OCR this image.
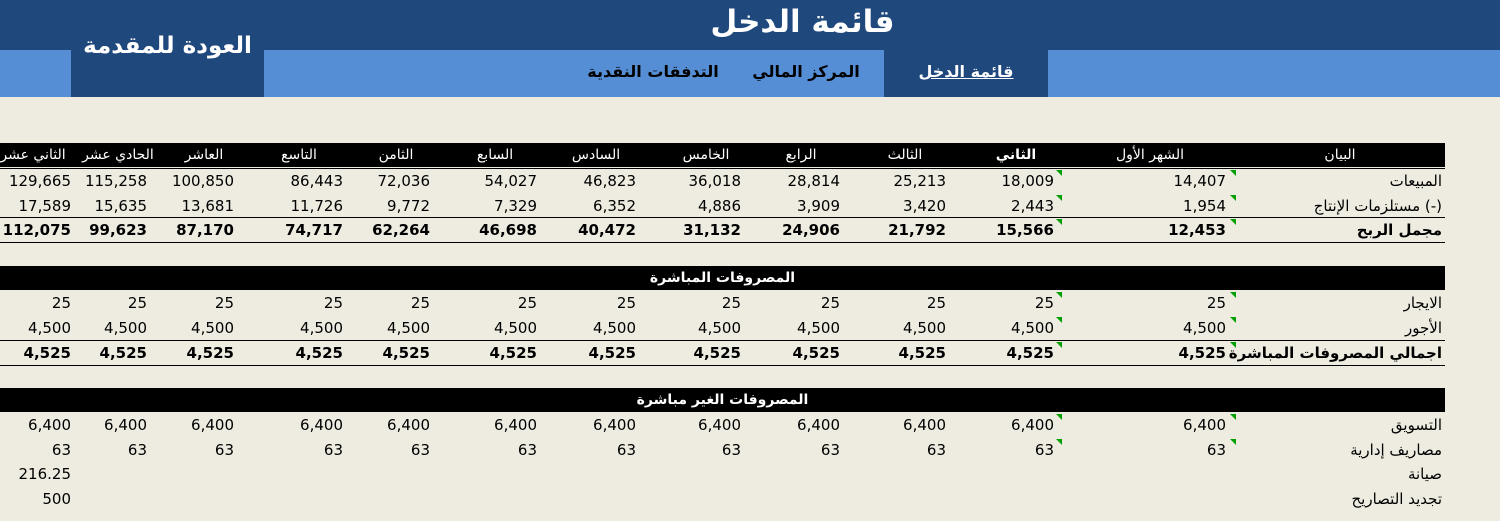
قائمة الدخل
العودة للمقدمة
قائمة الدخل
المركز المالي
التدفقات النقدية
البيان
الشهر الأول
الثاني
الثالث
الرابع
الخامس
السادس
السابع
الثامن
التاسع
العاشر
الحادي عشر
الثاني عشر
المبيعات
14,407
18,009
25,213
28,814
36,018
46,823
54,027
72,036
86,443
100,850
115,258
129,665
مستلزمات الإنتاج (-)
1,954
2,443
3,420
3,909
4,886
6,352
7,329
9,772
11,726
13,681
15,635
17,589
مجمل الربح
12,453
15,566
21,792
24,906
31,132
40,472
46,698
62,264
74,717
87,170
99,623
112,075
المصروفات المباشرة
الايجار
25
25
25
25
25
25
25
25
25
25
25
25
الأجور
4,500
4,500
4,500
4,500
4,500
4,500
4,500
4,500
4,500
4,500
4,500
4,500
اجمالي المصروفات المباشرة
4,525
4,525
4,525
4,525
4,525
4,525
4,525
4,525
4,525
4,525
4,525
4,525
المصروفات الغير مباشرة
التسويق
6,400
6,400
6,400
6,400
6,400
6,400
6,400
6,400
6,400
6,400
6,400
6,400
مصاريف إدارية
63
63
63
63
63
63
63
63
63
63
63
63
صيانة
216.25
تجديد التصاريح
500
